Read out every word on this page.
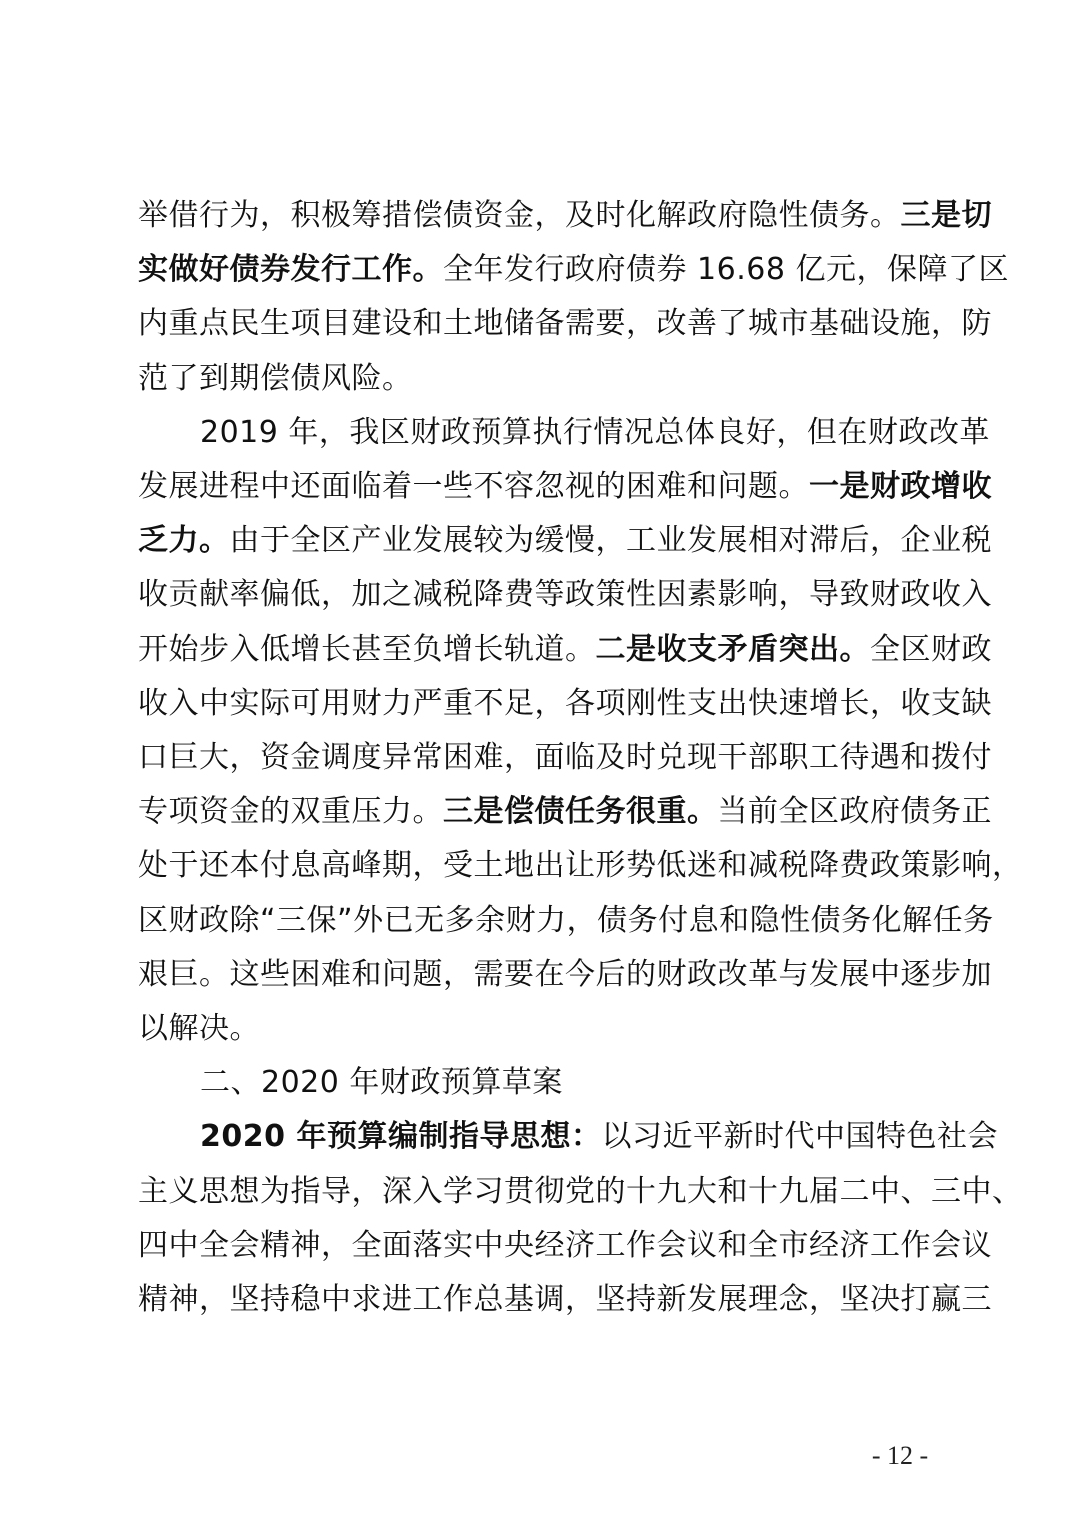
举借行为，积极筹措偿债资金，及时化解政府隐性债务。三是切
实做好债券发行工作。全年发行政府债券 16.68 亿元，保障了区
内重点民生项目建设和土地储备需要，改善了城市基础设施，防
范了到期偿债风险。
2019 年，我区财政预算执行情况总体良好，但在财政改革
发展进程中还面临着一些不容忽视的困难和问题。一是财政增收
乏力。由于全区产业发展较为缓慢，工业发展相对滞后，企业税
收贡献率偏低，加之减税降费等政策性因素影响，导致财政收入
开始步入低增长甚至负增长轨道。二是收支矛盾突出。全区财政
收入中实际可用财力严重不足，各项刚性支出快速增长，收支缺
口巨大，资金调度异常困难，面临及时兑现干部职工待遇和拨付
专项资金的双重压力。三是偿债任务很重。当前全区政府债务正
处于还本付息高峰期，受土地出让形势低迷和减税降费政策影响，
区财政除“三保”外已无多余财力，债务付息和隐性债务化解任务
艰巨。这些困难和问题，需要在今后的财政改革与发展中逐步加
以解决。
二、2020 年财政预算草案
2020 年预算编制指导思想：以习近平新时代中国特色社会
主义思想为指导，深入学习贯彻党的十九大和十九届二中、三中、
四中全会精神，全面落实中央经济工作会议和全市经济工作会议
精神，坚持稳中求进工作总基调，坚持新发展理念，坚决打赢三
- 12 -
